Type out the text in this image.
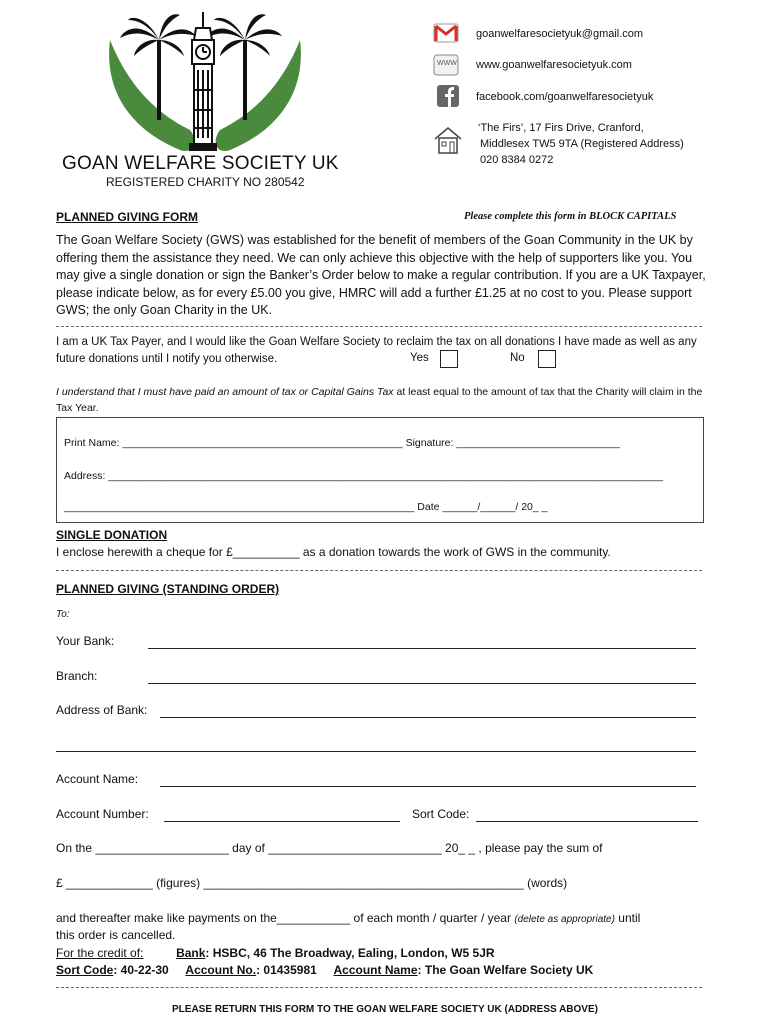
GOAN WELFARE SOCIETY UK
REGISTERED CHARITY NO 280542
goanwelfaresocietyuk@gmail.com
WWW www.goanwelfaresocietyuk.com
facebook.com/goanwelfaresocietyuk
‘The Firs’, 17 Firs Drive, Cranford,
Middlesex TW5 9TA (Registered Address)
020 8384 0272
PLANNED GIVING FORM	Please complete this form in BLOCK CAPITALS
The Goan Welfare Society (GWS) was established for the benefit of members of the Goan Community in the UK by offering them the assistance they need. We can only achieve this objective with the help of supporters like you. You may give a single donation or sign the Banker’s Order below to make a regular contribution. If you are a UK Taxpayer, please indicate below, as for every £5.00 you give, HMRC will add a further £1.25 at no cost to you. Please support GWS; the only Goan Charity in the UK.
I am a UK Tax Payer, and I would like the Goan Welfare Society to reclaim the tax on all donations I have made as well as any future donations until I notify you otherwise.	Yes	No
I understand that I must have paid an amount of tax or Capital Gains Tax at least equal to the amount of tax that the Charity will claim in the Tax Year.
Print Name: ________________________________________________ Signature: ____________________________
Address: _______________________________________________________________________________________________
____________________________________________________________ Date ______/______/ 20_ _
SINGLE DONATION
I enclose herewith a cheque for £__________ as a donation towards the work of GWS in the community.
PLANNED GIVING (STANDING ORDER)
To:
Your Bank:
Branch:
Address of Bank:
Account Name:
Account Number:	Sort Code:
On the ____________________ day of __________________________ 20_ _ , please pay the sum of
£ _____________ (figures) ________________________________________________ (words)
and thereafter make like payments on the___________ of each month / quarter / year (delete as appropriate) until
this order is cancelled.
For the credit of:	Bank: HSBC, 46 The Broadway, Ealing, London, W5 5JR
Sort Code: 40-22-30 Account No.: 01435981 Account Name: The Goan Welfare Society UK
PLEASE RETURN THIS FORM TO THE GOAN WELFARE SOCIETY UK (ADDRESS ABOVE)
